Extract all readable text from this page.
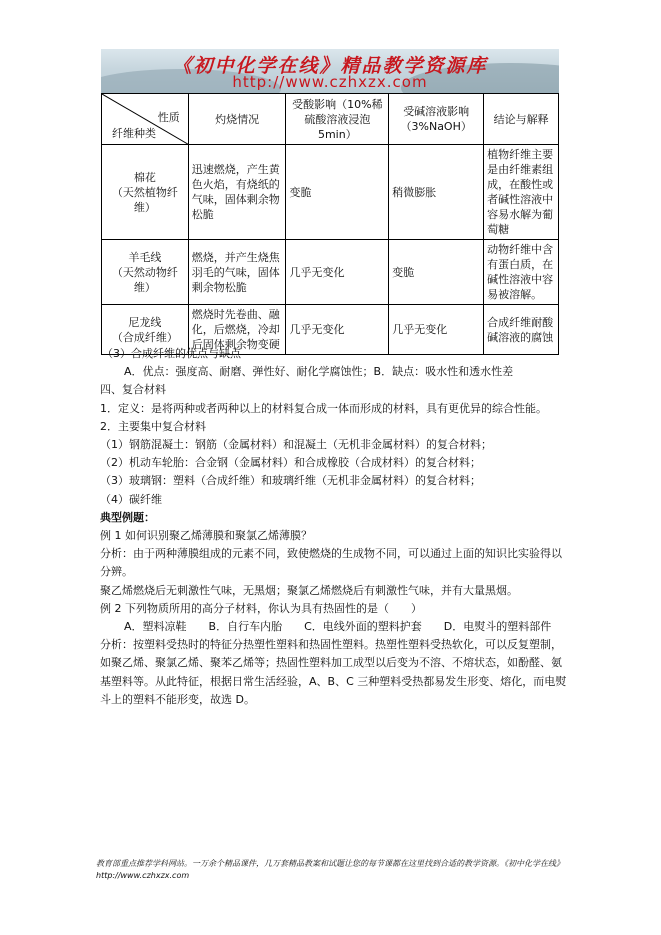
《初中化学在线》精品教学资源库
http://www.czhxzx.com
性质
纤维种类	灼烧情况	受酸影响（10%稀硫酸溶液浸泡5min）	受碱溶液影响（3%NaOH）	结论与解释
棉花
（天然植物纤维）	迅速燃烧，产生黄色火焰，有烧纸的气味，固体剩余物松脆	变脆	稍微膨胀	植物纤维主要是由纤维素组成，在酸性或者碱性溶液中容易水解为葡萄糖
羊毛线
（天然动物纤维）	燃烧，并产生烧焦羽毛的气味，固体剩余物松脆	几乎无变化	变脆	动物纤维中含有蛋白质，在碱性溶液中容易被溶解。
尼龙线
（合成纤维）	燃烧时先卷曲、融化，后燃烧，冷却后固体剩余物变硬	几乎无变化	几乎无变化	合成纤维耐酸碱溶液的腐蚀

（3）合成纤维的优点与缺点

A．优点：强度高、耐磨、弹性好、耐化学腐蚀性；B．缺点：吸水性和透水性差

四、复合材料

1．定义：是将两种或者两种以上的材料复合成一体而形成的材料，具有更优异的综合性能。

2．主要集中复合材料

（1）钢筋混凝土：钢筋（金属材料）和混凝土（无机非金属材料）的复合材料；

（2）机动车轮胎：合金钢（金属材料）和合成橡胶（合成材料）的复合材料；

（3）玻璃钢：塑料（合成纤维）和玻璃纤维（无机非金属材料）的复合材料；

（4）碳纤维

典型例题：

例 1 如何识别聚乙烯薄膜和聚氯乙烯薄膜？

分析：由于两种薄膜组成的元素不同，致使燃烧的生成物不同，可以通过上面的知识比实验得以分辨。

聚乙烯燃烧后无刺激性气味，无黑烟；聚氯乙烯燃烧后有刺激性气味，并有大量黑烟。

例 2 下列物质所用的高分子材料，你认为具有热固性的是（　　）

A．塑料凉鞋　　B．自行车内胎　　C．电线外面的塑料护套　　D．电熨斗的塑料部件

分析：按塑料受热时的特征分热塑性塑料和热固性塑料。热塑性塑料受热软化，可以反复塑制，如聚乙烯、聚氯乙烯、聚苯乙烯等；热固性塑料加工成型以后变为不溶、不熔状态，如酚醛、氨基塑料等。从此特征，根据日常生活经验，A、B、C 三种塑料受热都易发生形变、熔化，而电熨斗上的塑料不能形变，故选 D。

教育部重点推荐学科网站。一万余个精品课件，几万套精品教案和试题让您的每节课都在这里找到合适的教学资源。《初中化学在线》http://www.czhxzx.com
